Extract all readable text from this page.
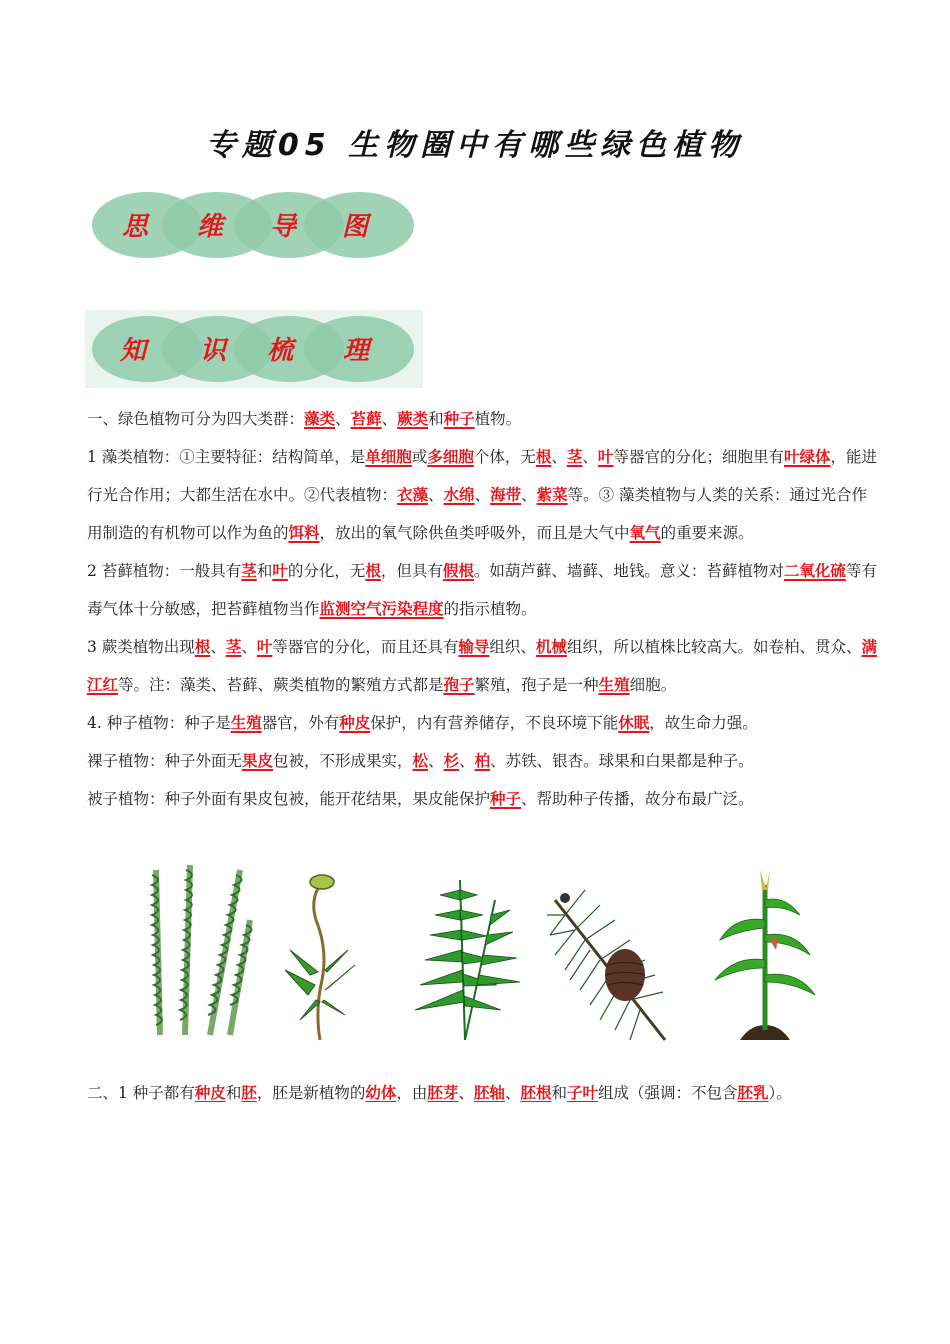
专题05 生物圈中有哪些绿色植物
思 维 导 图
知 识 梳 理

一、绿色植物可分为四大类群：藻类、苔藓、蕨类和种子植物。

1 藻类植物：①主要特征：结构简单，是单细胞或多细胞个体，无根、茎、叶等器官的分化；细胞里有叶绿体，能进行光合作用；大都生活在水中。②代表植物：衣藻、水绵、海带、紫菜等。③ 藻类植物与人类的关系：通过光合作用制造的有机物可以作为鱼的饵料，放出的氧气除供鱼类呼吸外，而且是大气中氧气的重要来源。

2 苔藓植物：一般具有茎和叶的分化，无根，但具有假根。如葫芦藓、墙藓、地钱。意义：苔藓植物对二氧化硫等有毒气体十分敏感，把苔藓植物当作监测空气污染程度的指示植物。

3 蕨类植物出现根、茎、叶等器官的分化，而且还具有输导组织、机械组织，所以植株比较高大。如卷柏、贯众、满江红等。注：藻类、苔藓、蕨类植物的繁殖方式都是孢子繁殖，孢子是一种生殖细胞。

4. 种子植物：种子是生殖器官，外有种皮保护，内有营养储存，不良环境下能休眠，故生命力强。

裸子植物：种子外面无果皮包被，不形成果实，松、杉、柏、苏铁、银杏。球果和白果都是种子。

被子植物：种子外面有果皮包被，能开花结果，果皮能保护种子、帮助种子传播，故分布最广泛。

二、1 种子都有种皮和胚，胚是新植物的幼体，由胚芽、胚轴、胚根和子叶组成（强调：不包含胚乳）。
